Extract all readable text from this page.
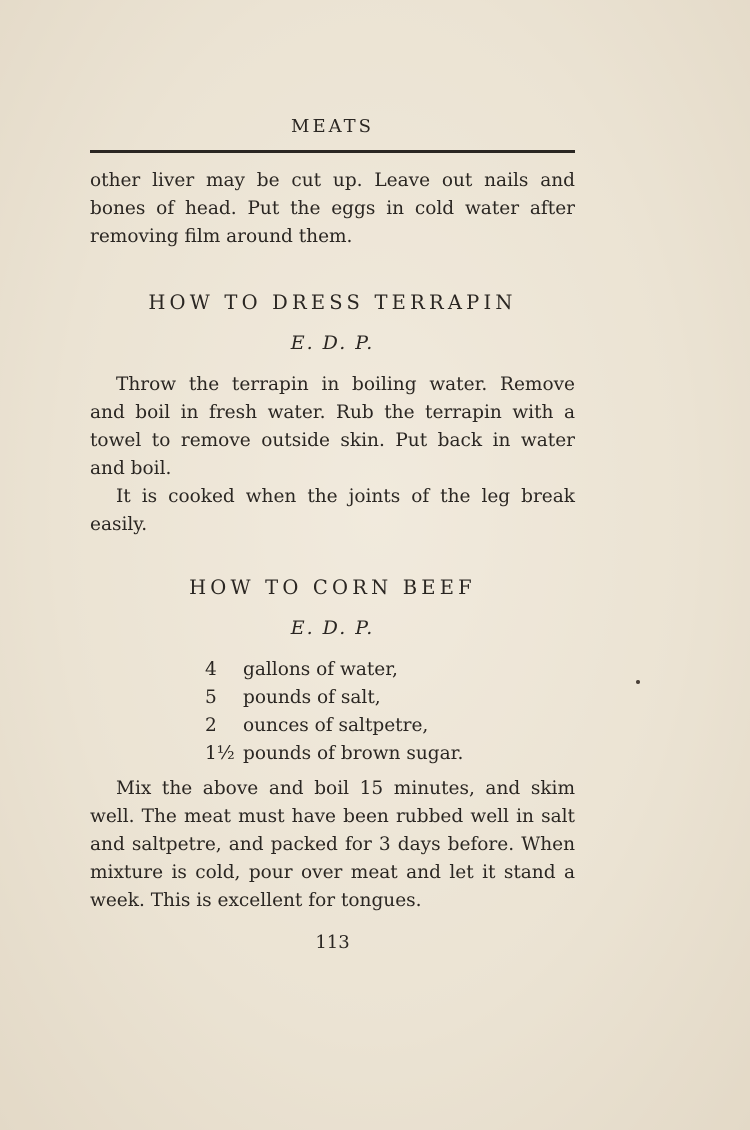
MEATS

other liver may be cut up. Leave out nails and
bones of head. Put the eggs in cold water after
removing film around them.

HOW TO DRESS TERRAPIN
E. D. P.

Throw the terrapin in boiling water. Remove
and boil in fresh water. Rub the terrapin with a
towel to remove outside skin. Put back in water
and boil.

It is cooked when the joints of the leg break
easily.

HOW TO CORN BEEF
E. D. P.
4	gallons of water,
5	pounds of salt,
2	ounces of saltpetre,
1½ pounds of brown sugar.

Mix the above and boil 15 minutes, and skim
well. The meat must have been rubbed well in salt
and saltpetre, and packed for 3 days before. When
mixture is cold, pour over meat and let it stand a
week. This is excellent for tongues.

113
